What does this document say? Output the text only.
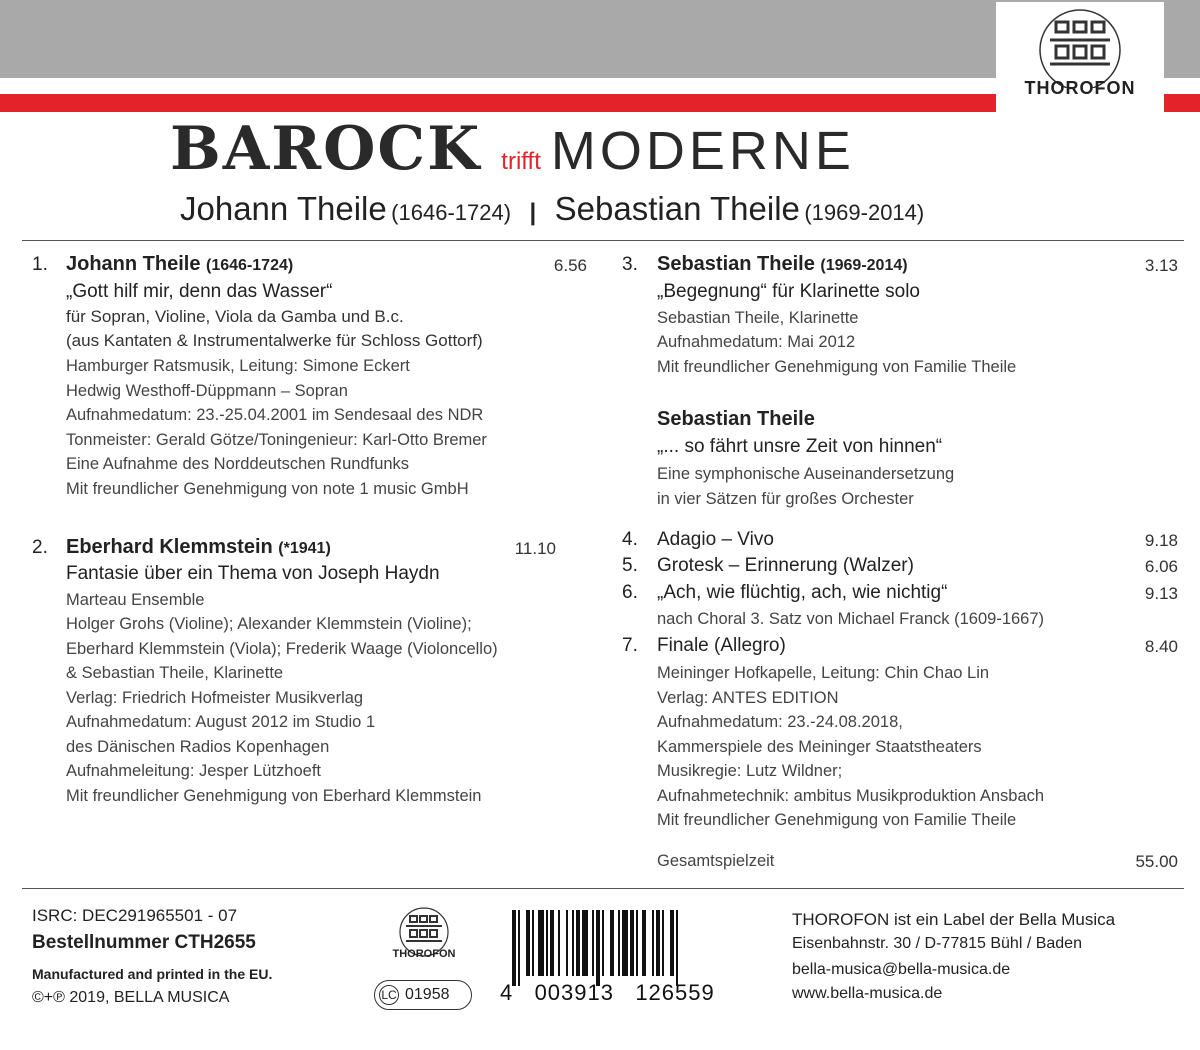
THOROFON
BAROCK trifft MODERNE
Johann Theile (1646-1724) | Sebastian Theile (1969-2014)
1. Johann Theile (1646-1724)	6.56
„Gott hilf mir, denn das Wasser“
für Sopran, Violine, Viola da Gamba und B.c.
(aus Kantaten & Instrumentalwerke für Schloss Gottorf)
Hamburger Ratsmusik, Leitung: Simone Eckert
Hedwig Westhoff-Düppmann – Sopran
Aufnahmedatum: 23.-25.04.2001 im Sendesaal des NDR
Tonmeister: Gerald Götze/Toningenieur: Karl-Otto Bremer
Eine Aufnahme des Norddeutschen Rundfunks
Mit freundlicher Genehmigung von note 1 music GmbH
2. Eberhard Klemmstein (*1941)	11.10
Fantasie über ein Thema von Joseph Haydn
Marteau Ensemble
Holger Grohs (Violine); Alexander Klemmstein (Violine);
Eberhard Klemmstein (Viola); Frederik Waage (Violoncello)
& Sebastian Theile, Klarinette
Verlag: Friedrich Hofmeister Musikverlag
Aufnahmedatum: August 2012 im Studio 1
des Dänischen Radios Kopenhagen
Aufnahmeleitung: Jesper Lützhoeft
Mit freundlicher Genehmigung von Eberhard Klemmstein
3. Sebastian Theile (1969-2014)	3.13
„Begegnung“ für Klarinette solo
Sebastian Theile, Klarinette
Aufnahmedatum: Mai 2012
Mit freundlicher Genehmigung von Familie Theile
Sebastian Theile
„... so fährt unsre Zeit von hinnen“
Eine symphonische Auseinandersetzung
in vier Sätzen für großes Orchester
4. Adagio – Vivo	9.18
5. Grotesk – Erinnerung (Walzer)	6.06
6. „Ach, wie flüchtig, ach, wie nichtig“	9.13
nach Choral 3. Satz von Michael Franck (1609-1667)
7. Finale (Allegro)	8.40
Meininger Hofkapelle, Leitung: Chin Chao Lin
Verlag: ANTES EDITION
Aufnahmedatum: 23.-24.08.2018,
Kammerspiele des Meininger Staatstheaters
Musikregie: Lutz Wildner;
Aufnahmetechnik: ambitus Musikproduktion Ansbach
Mit freundlicher Genehmigung von Familie Theile
Gesamtspielzeit	55.00
ISRC: DEC291965501 - 07
Bestellnummer CTH2655
Manufactured and printed in the EU.
©+℗ 2019, BELLA MUSICA
THOROFON
LC 01958 4   003913   126559
THOROFON ist ein Label der Bella Musica
Eisenbahnstr. 30 / D-77815 Bühl / Baden
bella-musica@bella-musica.de
www.bella-musica.de
